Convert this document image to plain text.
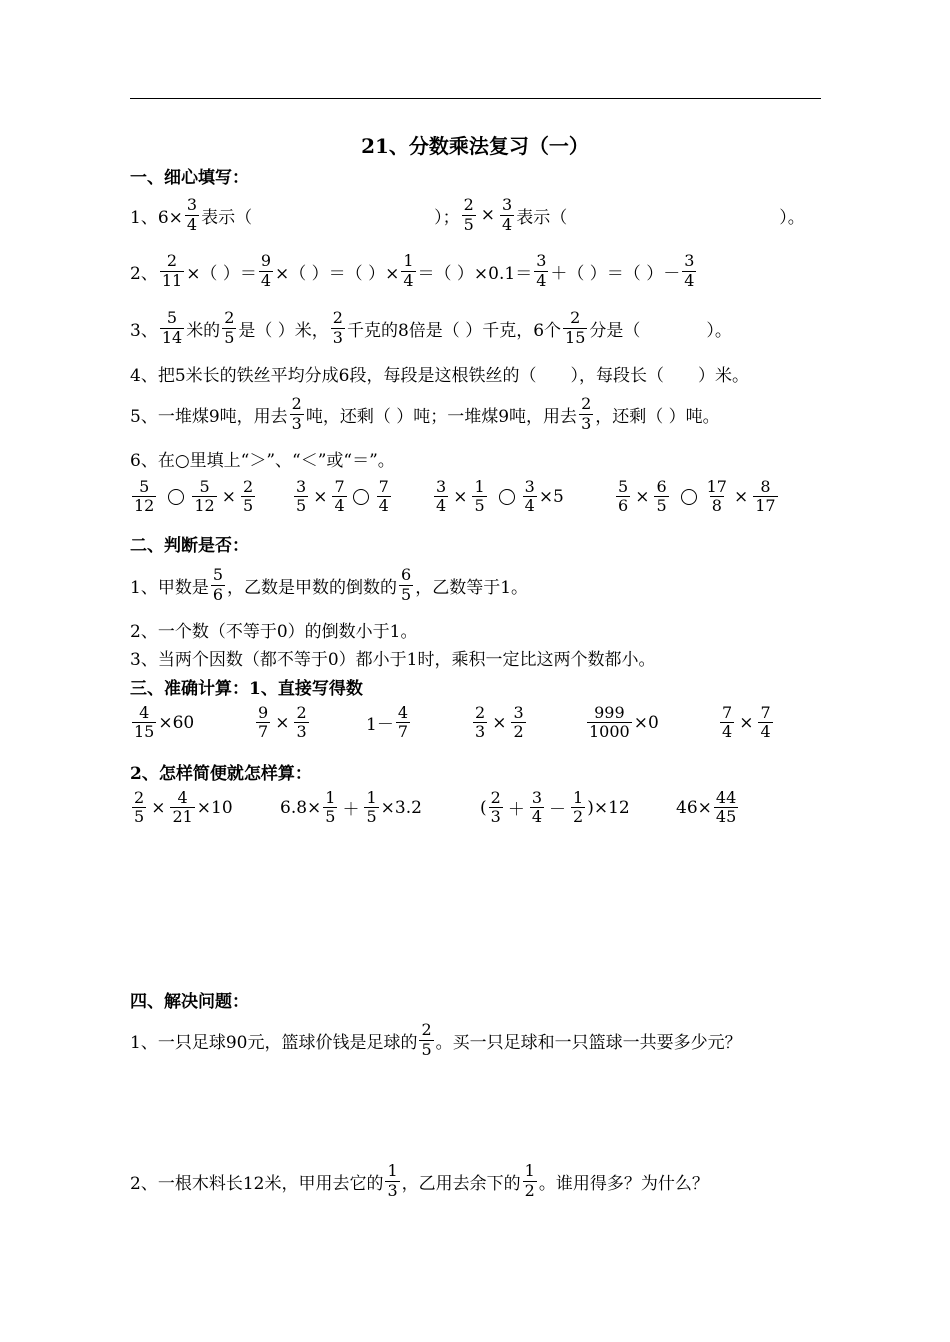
21、分数乘法复习（一）
一、细心填写：
1、$6\times \frac{3}{4}$ 表示（	）； $\frac{2}{5} \times \frac{3}{4}$ 表示（	）。
2、 $\frac{2}{11}$ ×（ ）＝ $\frac{9}{4}$ ×（ ）＝（ ）× $\frac{1}{4}$ ＝（ ）$\times 0.1= \frac{3}{4}$ ＋（ ）＝（ ）－ $\frac{3}{4}$
3、 $\frac{5}{14}$ 米的 $\frac{2}{5}$ 是（ ）米， $\frac{2}{3}$ 千克的8倍是（ ）千克，6个 $\frac{2}{15}$ 分是（	）。
4、把5米长的铁丝平均分成6段，每段是这根铁丝的（　　），每段长（　　）米。
5、一堆煤9吨，用去 $\frac{2}{3}$ 吨，还剩（ ）吨；一堆煤9吨，用去 $\frac{2}{3}$ ，还剩（ ）吨。
6、在○里填上“＞”、“＜”或“＝”。
$\frac{5}{12} \frac{5}{12} \times \frac{2}{5} \frac{3}{5} \times \frac{7}{4} \frac{7}{4}$	$\frac{3}{4} \times \frac{1}{5} \frac{3}{4} \times 5$	$\frac{5}{6} \times \frac{6}{5} \frac{17}{8} \times \frac{8}{17}$
二、判断是否：
1、甲数是 $\frac{5}{6}$ ，乙数是甲数的倒数的 $\frac{6}{5}$ ，乙数等于1。
2、一个数（不等于0）的倒数小于1。
3、当两个因数（都不等于0）都小于1时，乘积一定比这两个数都小。
三、准确计算：1、直接写得数
$\frac{4}{15} \times 60$	$\frac{9}{7} \times \frac{2}{3}$	$1- \frac{4}{7}$	$\frac{2}{3} \times \frac{3}{2}$	$\frac{999}{1000} \times 0$	$\frac{7}{4} \times \frac{7}{4}$
2、怎样简便就怎样算：
$\frac{2}{5} \times \frac{4}{21} \times 10$	$6.8\times \frac{1}{5} + \frac{1}{5} \times 3.2$	( $\frac{2}{3} + \frac{3}{4} - \frac{1}{2} )\times 12$	$46\times \frac{44}{45}$
四、解决问题：
1、一只足球90元，篮球价钱是足球的 $\frac{2}{5}$ 。买一只足球和一只篮球一共要多少元？
2、一根木料长12米，甲用去它的 $\frac{1}{3}$ ，乙用去余下的 $\frac{1}{2}$ 。谁用得多？为什么？
